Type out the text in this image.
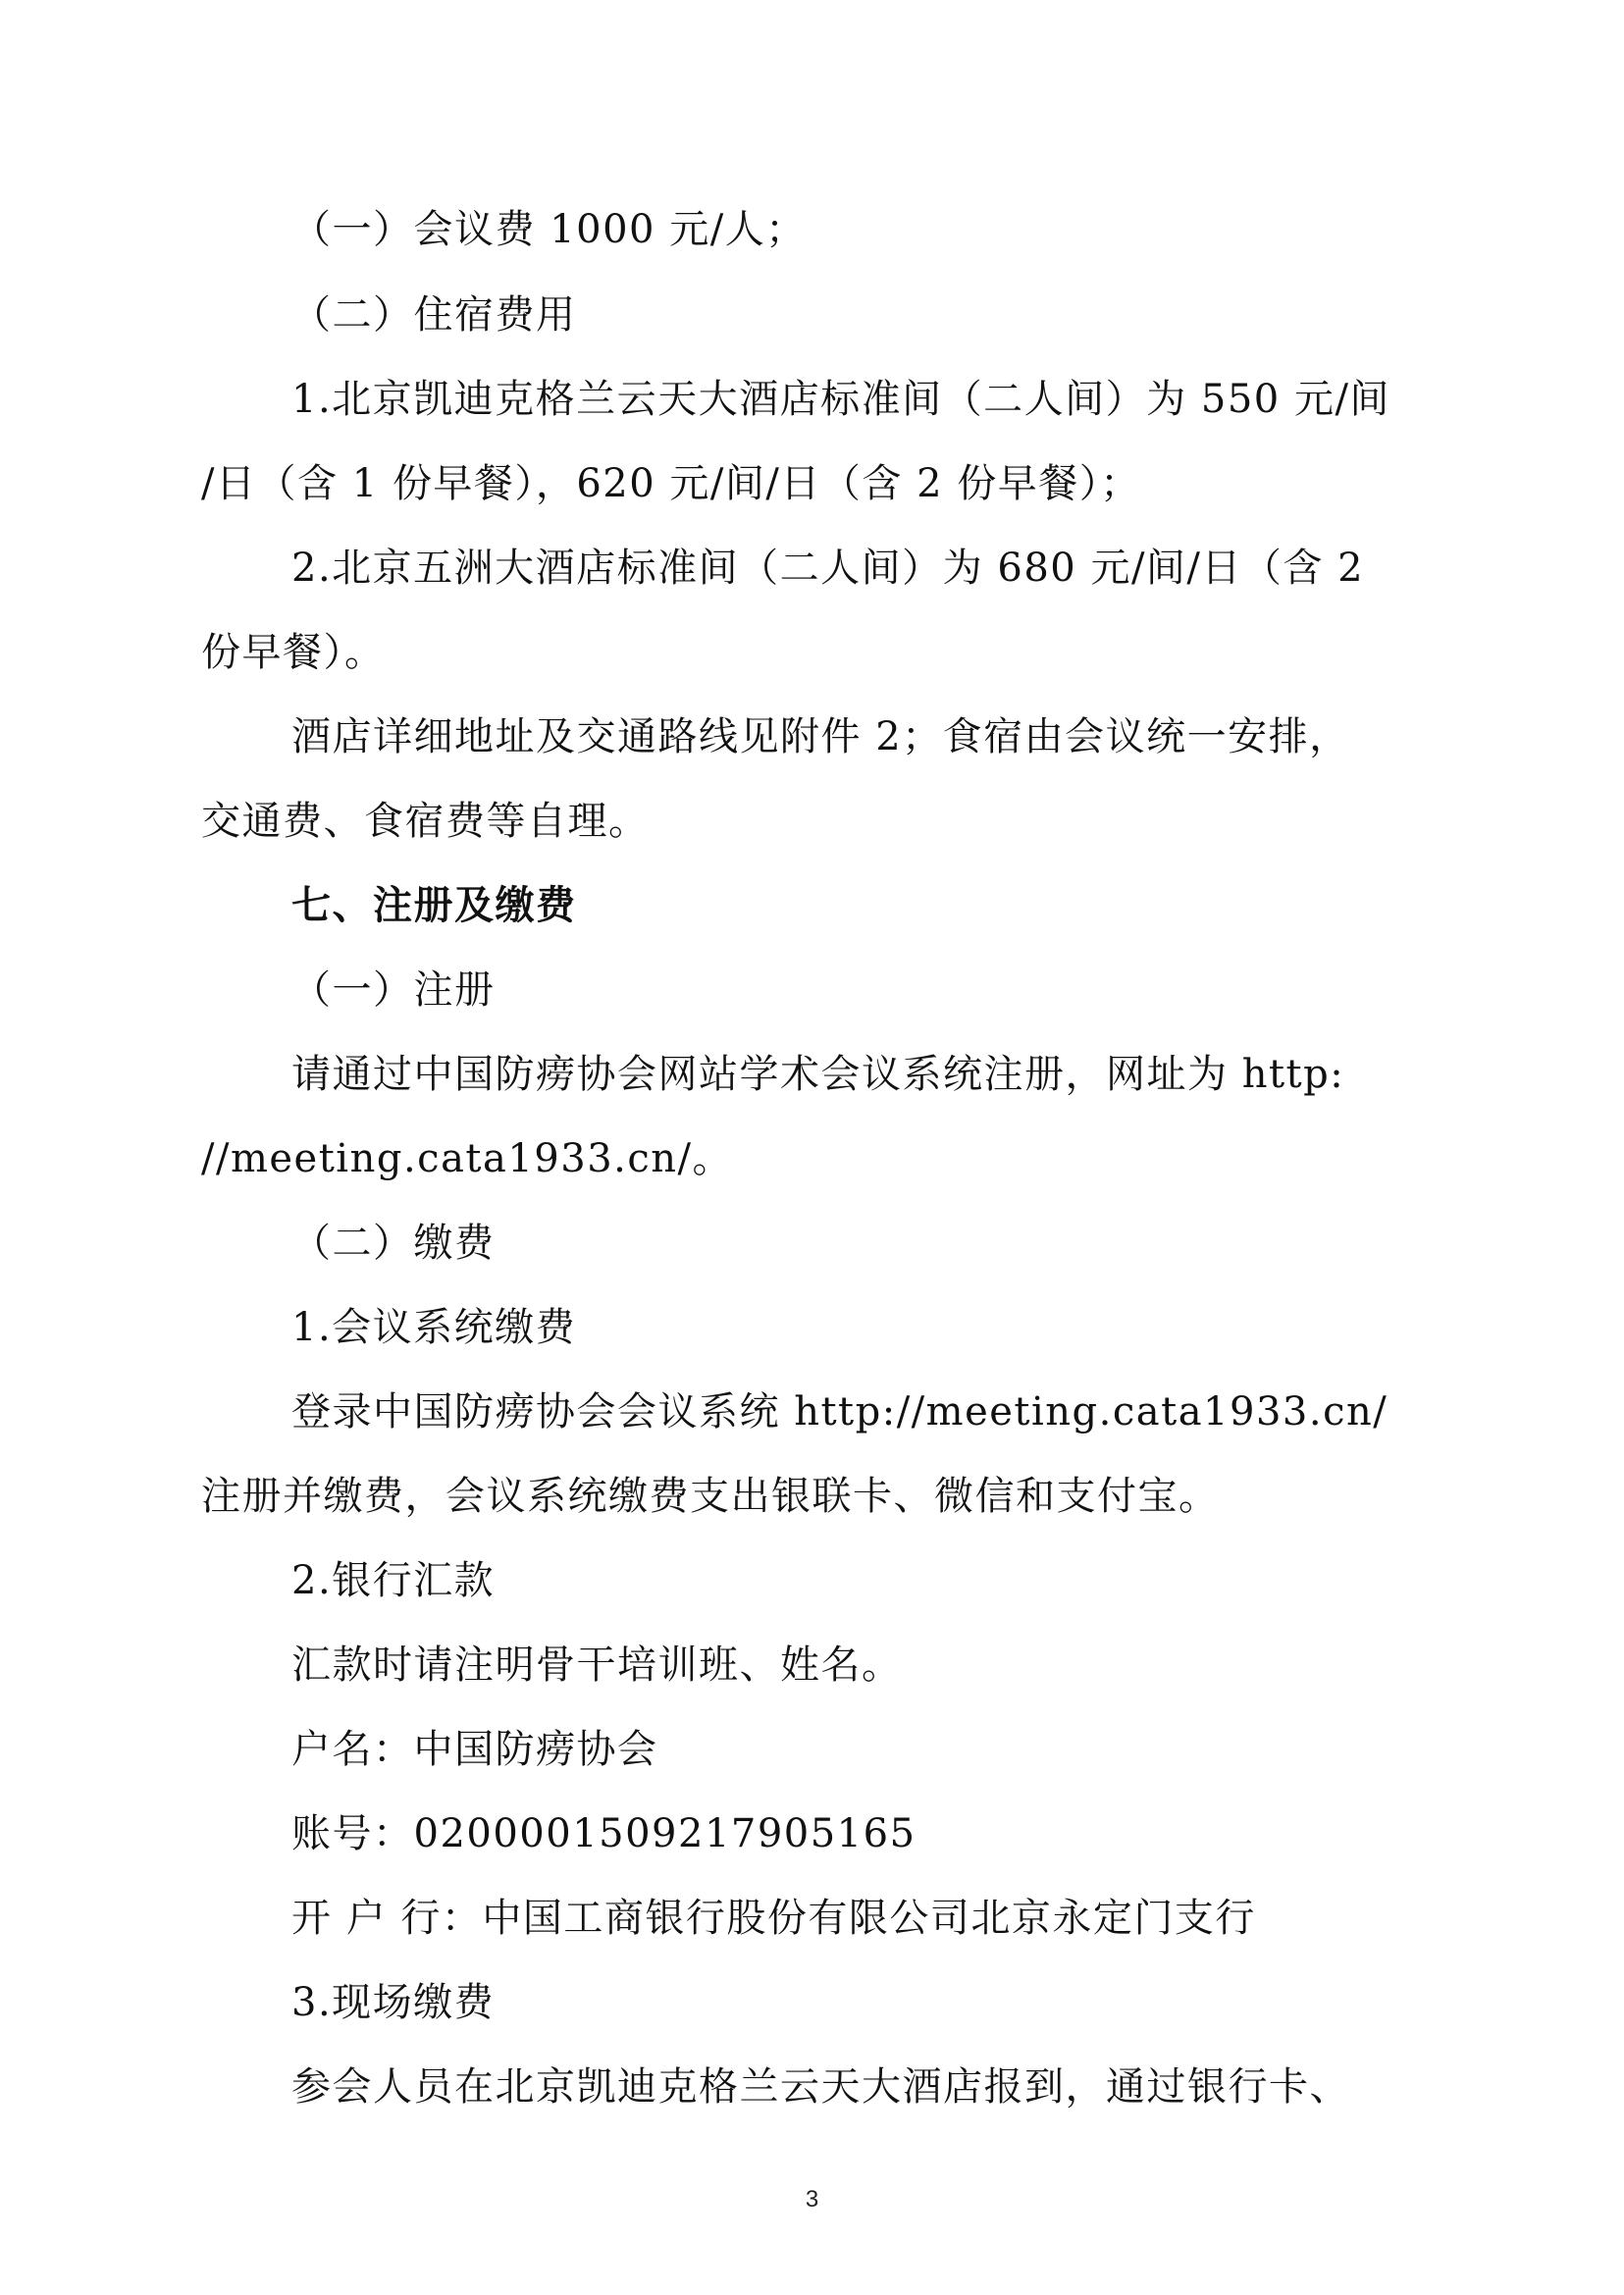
（一）会议费 1000 元/人；
（二）住宿费用
1.北京凯迪克格兰云天大酒店标准间（二人间）为 550 元/间
/日（含 1 份早餐），620 元/间/日（含 2 份早餐）；
2.北京五洲大酒店标准间（二人间）为 680 元/间/日（含 2
份早餐）。
酒店详细地址及交通路线见附件 2；食宿由会议统一安排，
交通费、食宿费等自理。
七、注册及缴费
（一）注册
请通过中国防痨协会网站学术会议系统注册，网址为 http:
//meeting.cata1933.cn/。
（二）缴费
1.会议系统缴费
登录中国防痨协会会议系统 http://meeting.cata1933.cn/
注册并缴费，会议系统缴费支出银联卡、微信和支付宝。
2.银行汇款
汇款时请注明骨干培训班、姓名。
户名：中国防痨协会
账号：0200001509217905165
开 户 行：中国工商银行股份有限公司北京永定门支行
3.现场缴费
参会人员在北京凯迪克格兰云天大酒店报到，通过银行卡、
3
